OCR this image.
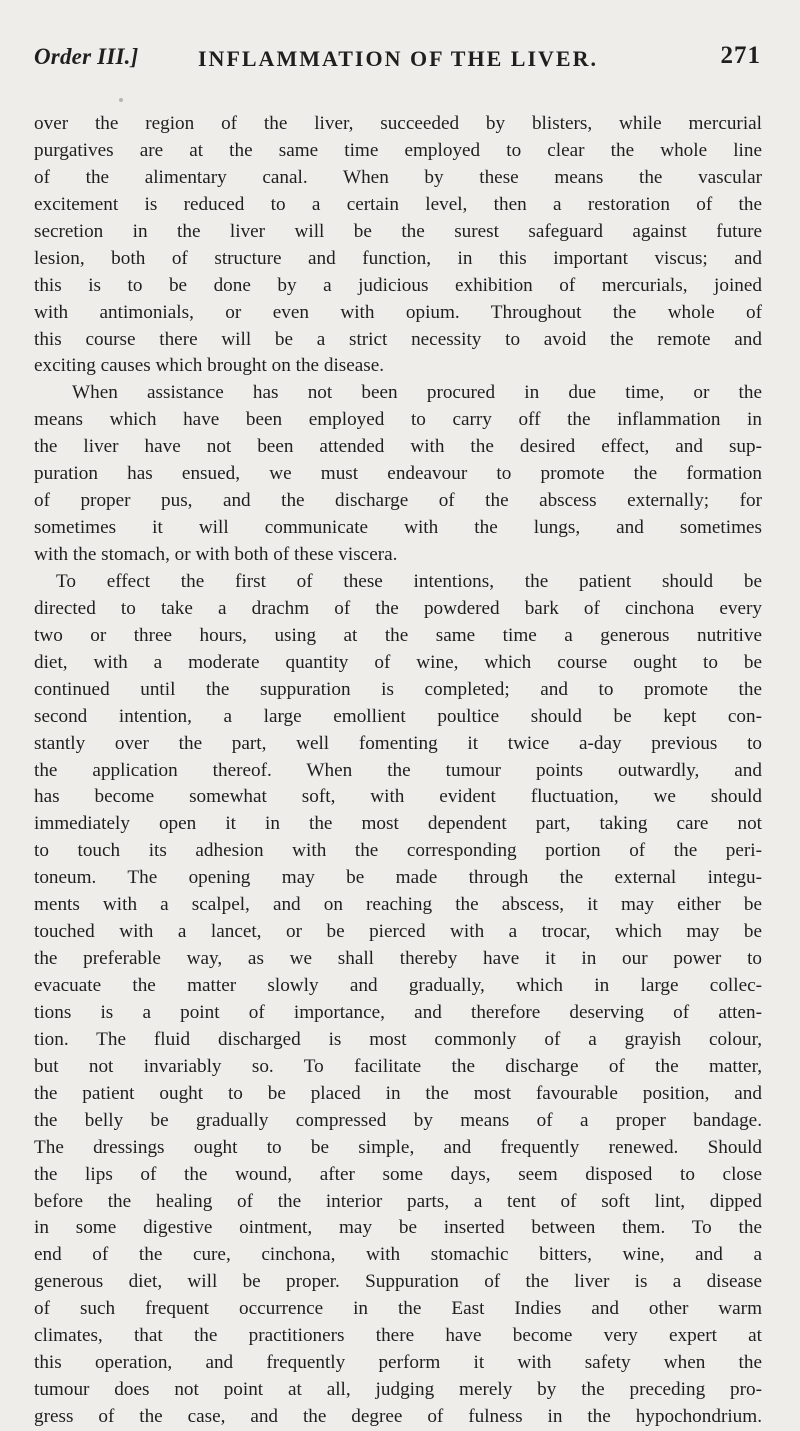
Order III.]	INFLAMMATION OF THE LIVER.	271
over the region of the liver, succeeded by blisters, while mercurial
purgatives are at the same time employed to clear the whole line
of the alimentary canal. When by these means the vascular
excitement is reduced to a certain level, then a restoration of the
secretion in the liver will be the surest safeguard against future
lesion, both of structure and function, in this important viscus; and
this is to be done by a judicious exhibition of mercurials, joined
with antimonials, or even with opium. Throughout the whole of
this course there will be a strict necessity to avoid the remote and
exciting causes which brought on the disease.
When assistance has not been procured in due time, or the
means which have been employed to carry off the inflammation in
the liver have not been attended with the desired effect, and sup-
puration has ensued, we must endeavour to promote the formation
of proper pus, and the discharge of the abscess externally; for
sometimes it will communicate with the lungs, and sometimes
with the stomach, or with both of these viscera.
To effect the first of these intentions, the patient should be
directed to take a drachm of the powdered bark of cinchona every
two or three hours, using at the same time a generous nutritive
diet, with a moderate quantity of wine, which course ought to be
continued until the suppuration is completed; and to promote the
second intention, a large emollient poultice should be kept con-
stantly over the part, well fomenting it twice a-day previous to
the application thereof. When the tumour points outwardly, and
has become somewhat soft, with evident fluctuation, we should
immediately open it in the most dependent part, taking care not
to touch its adhesion with the corresponding portion of the peri-
toneum. The opening may be made through the external integu-
ments with a scalpel, and on reaching the abscess, it may either be
touched with a lancet, or be pierced with a trocar, which may be
the preferable way, as we shall thereby have it in our power to
evacuate the matter slowly and gradually, which in large collec-
tions is a point of importance, and therefore deserving of atten-
tion. The fluid discharged is most commonly of a grayish colour,
but not invariably so. To facilitate the discharge of the matter,
the patient ought to be placed in the most favourable position, and
the belly be gradually compressed by means of a proper bandage.
The dressings ought to be simple, and frequently renewed. Should
the lips of the wound, after some days, seem disposed to close
before the healing of the interior parts, a tent of soft lint, dipped
in some digestive ointment, may be inserted between them. To the
end of the cure, cinchona, with stomachic bitters, wine, and a
generous diet, will be proper. Suppuration of the liver is a disease
of such frequent occurrence in the East Indies and other warm
climates, that the practitioners there have become very expert at
this operation, and frequently perform it with safety when the
tumour does not point at all, judging merely by the preceding pro-
gress of the case, and the degree of fulness in the hypochondrium.
